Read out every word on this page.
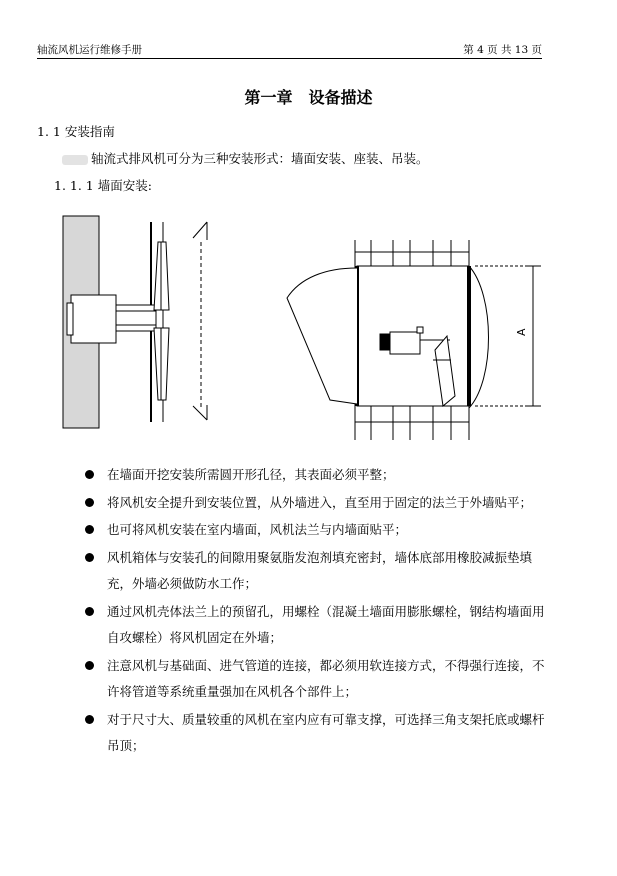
轴流风机运行维修手册	第 4 页 共 13 页
第一章　设备描述
1. 1 安装指南
轴流式排风机可分为三种安装形式：墙面安装、座装、吊装。
1. 1. 1 墙面安装:
A
在墙面开挖安装所需圆开形孔径，其表面必须平整；
将风机安全提升到安装位置，从外墙进入，直至用于固定的法兰于外墙贴平；
也可将风机安装在室内墙面，风机法兰与内墙面贴平；
风机箱体与安装孔的间隙用聚氨脂发泡剂填充密封，墙体底部用橡胶减振垫填充，外墙必须做防水工作；
通过风机壳体法兰上的预留孔，用螺栓（混凝土墙面用膨胀螺栓，钢结构墙面用自攻螺栓）将风机固定在外墙；
注意风机与基础面、进气管道的连接，都必须用软连接方式，不得强行连接，不许将管道等系统重量强加在风机各个部件上；
对于尺寸大、质量较重的风机在室内应有可靠支撑，可选择三角支架托底或螺杆吊顶；
